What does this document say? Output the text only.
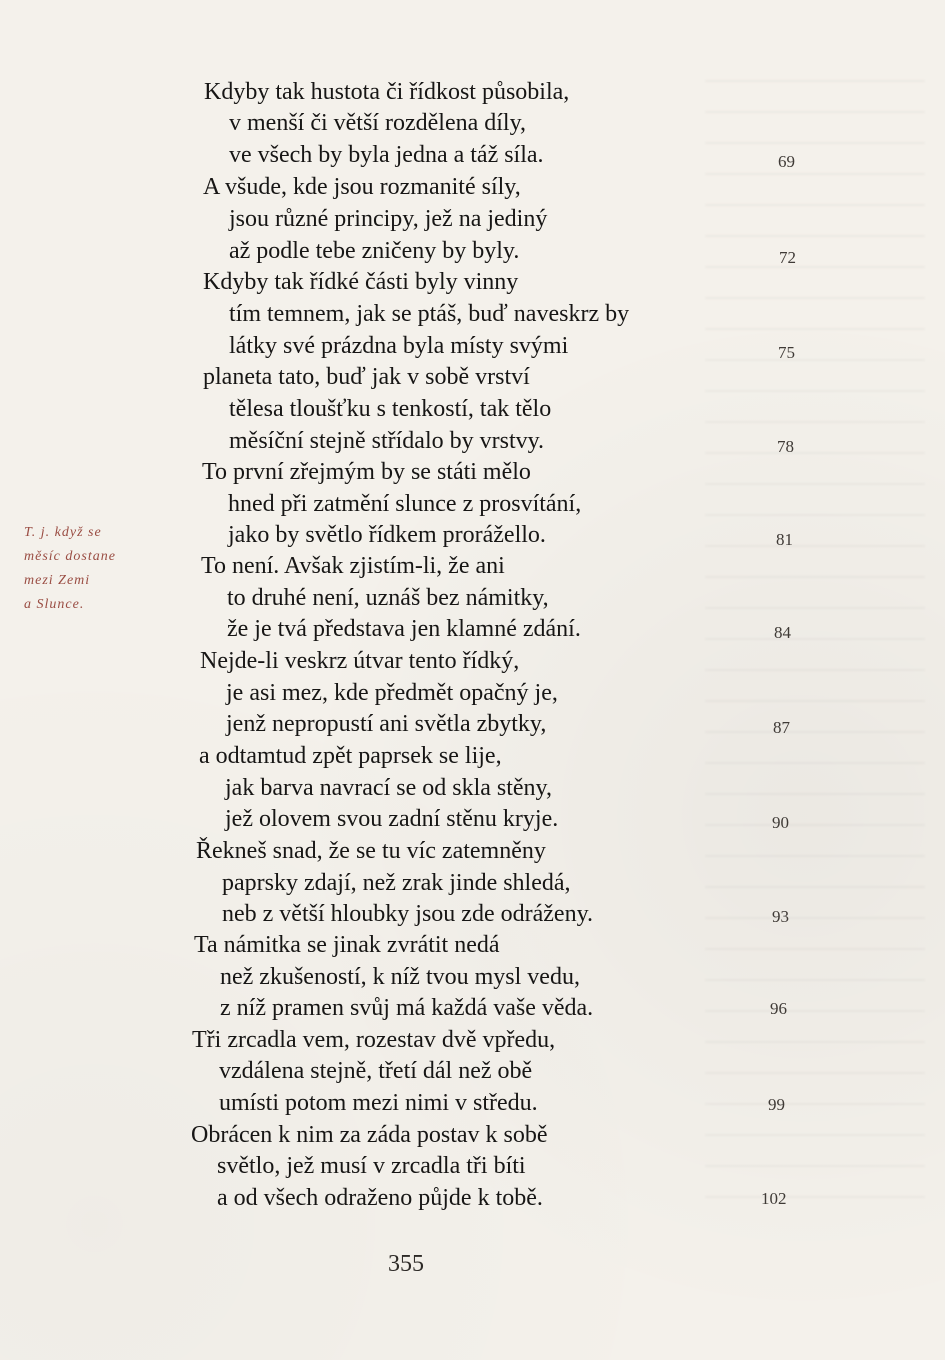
T. j. když se
měsíc dostane
mezi Zemi
a Slunce.
Kdyby tak hustota či řídkost působila,
v menší či větší rozdělena díly,
ve všech by byla jedna a táž síla.
A všude, kde jsou rozmanité síly,
jsou různé principy, jež na jediný
až podle tebe zničeny by byly.
Kdyby tak řídké části byly vinny
tím temnem, jak se ptáš, buď naveskrz by
látky své prázdna byla místy svými
planeta tato, buď jak v sobě vrství
tělesa tloušťku s tenkostí, tak tělo
měsíční stejně střídalo by vrstvy.
To první zřejmým by se státi mělo
hned při zatmění slunce z prosvítání,
jako by světlo řídkem prorážello.
To není. Avšak zjistím-li, že ani
to druhé není, uznáš bez námitky,
že je tvá představa jen klamné zdání.
Nejde-li veskrz útvar tento řídký,
je asi mez, kde předmět opačný je,
jenž nepropustí ani světla zbytky,
a odtamtud zpět paprsek se lije,
jak barva navrací se od skla stěny,
jež olovem svou zadní stěnu kryje.
Řekneš snad, že se tu víc zatemněny
paprsky zdají, než zrak jinde shledá,
neb z větší hloubky jsou zde odráženy.
Ta námitka se jinak zvrátit nedá
než zkušeností, k níž tvou mysl vedu,
z níž pramen svůj má každá vaše věda.
Tři zrcadla vem, rozestav dvě vpředu,
vzdálena stejně, třetí dál než obě
umísti potom mezi nimi v středu.
Obrácen k nim za záda postav k sobě
světlo, jež musí v zrcadla tři bíti
a od všech odraženo půjde k tobě.
69
72
75
78
81
84
87
90
93
96
99
102
355
